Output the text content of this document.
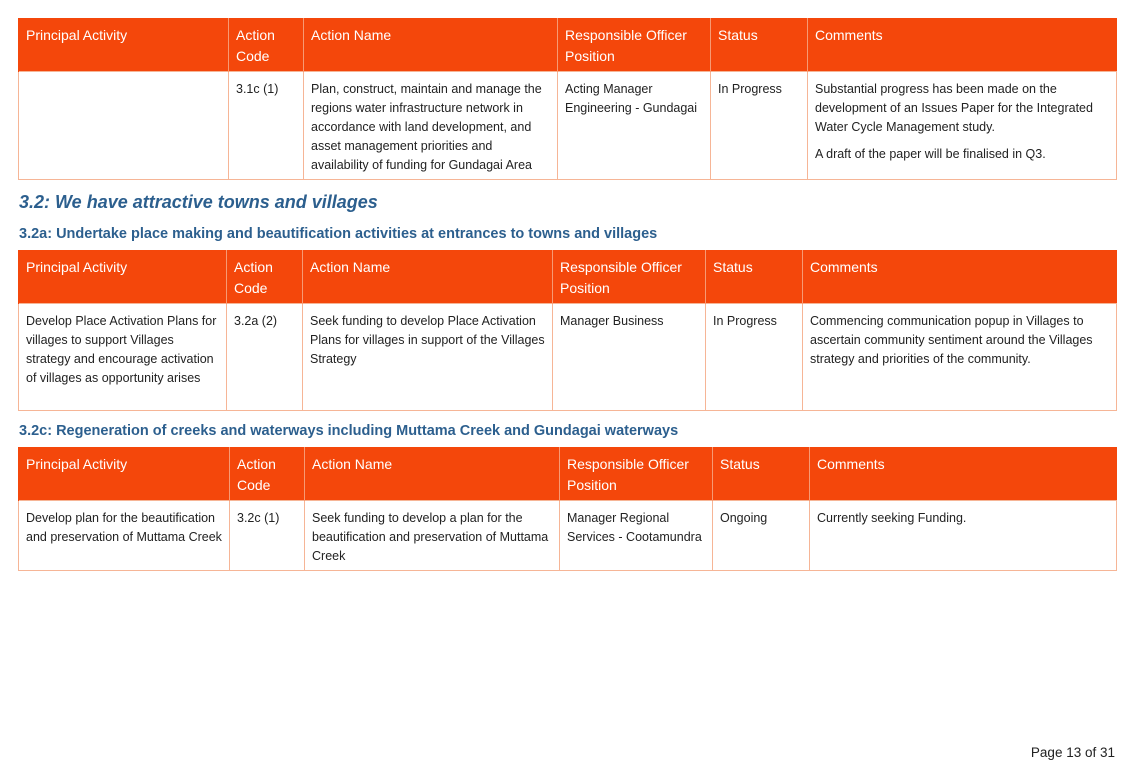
Principal Activity	Action Code	Action Name	Responsible Officer Position	Status	Comments
	3.1c (1)	Plan, construct, maintain and manage the regions water infrastructure network in accordance with land development, and asset management priorities and availability of funding for Gundagai Area	Acting Manager Engineering - Gundagai	In Progress	Substantial progress has been made on the development of an Issues Paper for the Integrated Water Cycle Management study.

A draft of the paper will be finalised in Q3.

3.2: We have attractive towns and villages
3.2a: Undertake place making and beautification activities at entrances to towns and villages
Principal Activity	Action Code	Action Name	Responsible Officer Position	Status	Comments
Develop Place Activation Plans for villages to support Villages strategy and encourage activation of villages as opportunity arises	3.2a (2)	Seek funding to develop Place Activation Plans for villages in support of the Villages Strategy	Manager Business	In Progress	Commencing communication popup in Villages to ascertain community sentiment around the Villages strategy and priorities of the community.
3.2c: Regeneration of creeks and waterways including Muttama Creek and Gundagai waterways
Principal Activity	Action Code	Action Name	Responsible Officer Position	Status	Comments
Develop plan for the beautification and preservation of Muttama Creek	3.2c (1)	Seek funding to develop a plan for the beautification and preservation of Muttama Creek	Manager Regional Services - Cootamundra	Ongoing	Currently seeking Funding.
Page 13 of 31
